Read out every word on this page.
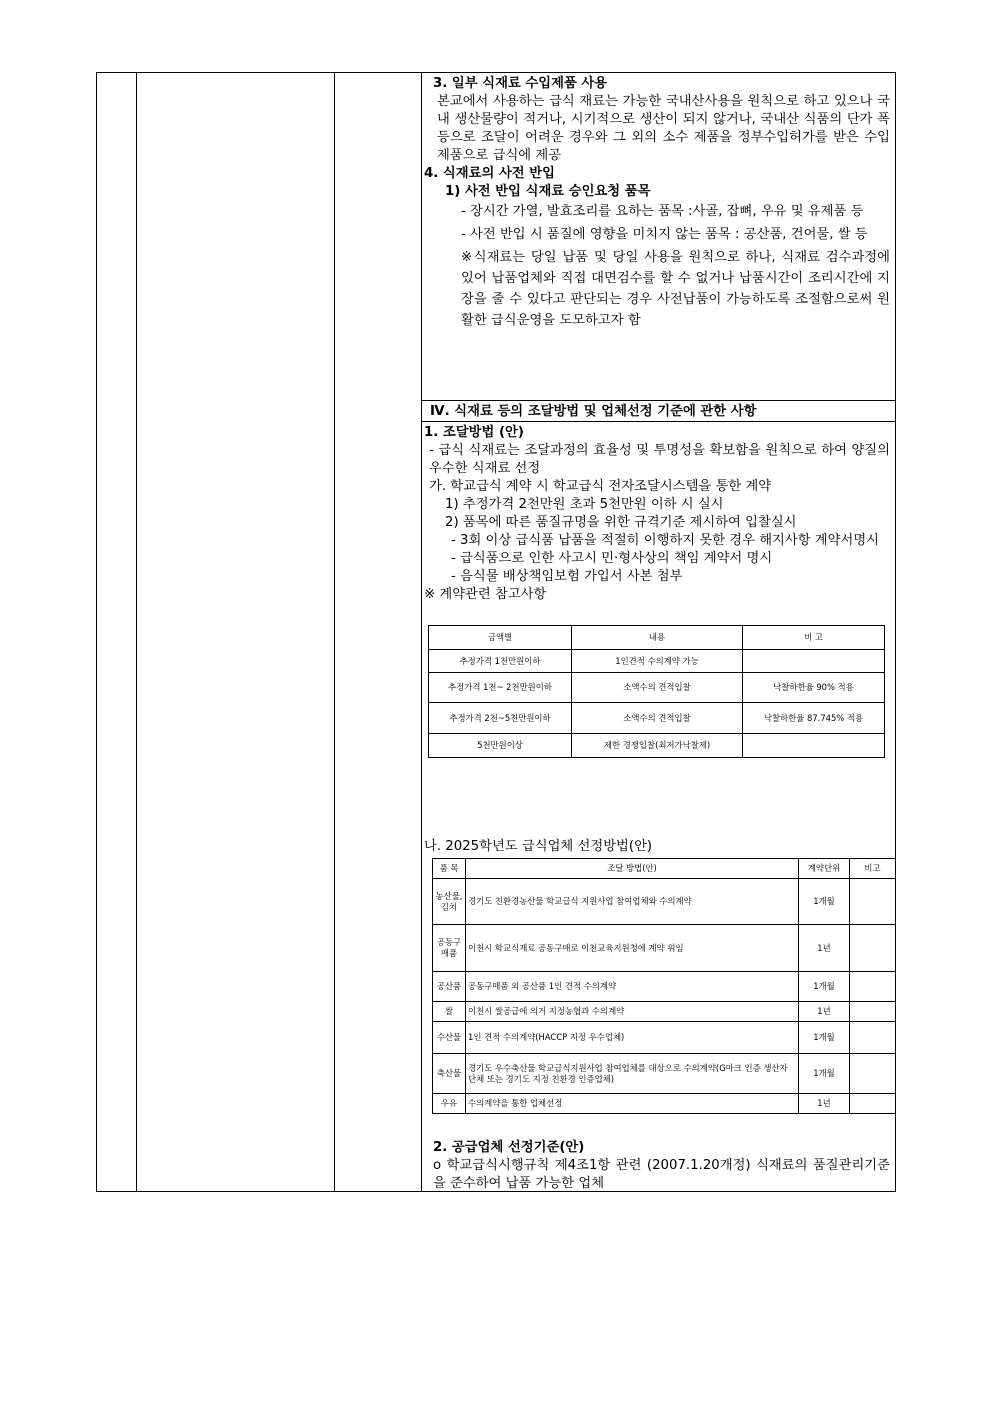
3. 일부 식재료 수입제품 사용

본교에서 사용하는 급식 재료는 가능한 국내산사용을 원칙으로 하고 있으나 국내 생산물량이 적거나, 시기적으로 생산이 되지 않거나, 국내산 식품의 단가 폭등으로 조달이 어려운 경우와 그 외의 소수 제품을 정부수입허가를 받은 수입제품으로 급식에 제공

4. 식재료의 사전 반입

1) 사전 반입 식재료 승인요청 품목

- 장시간 가열, 발효조리를 요하는 품목 :사골, 잡뼈, 우유 및 유제품 등

- 사전 반입 시 품질에 영향을 미치지 않는 품목 : 공산품, 건어물, 쌀 등

※식재료는 당일 납품 및 당일 사용을 원칙으로 하나, 식재료 검수과정에 있어 납품업체와 직접 대면검수를 할 수 없거나 납품시간이 조리시간에 지장을 줄 수 있다고 판단되는 경우 사전납품이 가능하도록 조절함으로써 원활한 급식운영을 도모하고자 함

Ⅳ. 식재료 등의 조달방법 및 업체선정 기준에 관한 사항

1. 조달방법 (안)

- 급식 식재료는 조달과정의 효율성 및 투명성을 확보함을 원칙으로 하여 양질의 우수한 식재료 선정

가. 학교급식 계약 시 학교급식 전자조달시스템을 통한 계약

1) 추정가격 2천만원 초과 5천만원 이하 시 실시

2) 품목에 따른 품질규명을 위한 규격기준 제시하여 입찰실시

- 3회 이상 급식품 납품을 적절히 이행하지 못한 경우 해지사항 계약서명시

- 급식품으로 인한 사고시 민·형사상의 책임 계약서 명시

- 음식물 배상책임보험 가입서 사본 첨부

※ 계약관련 참고사항

금액별	내용	비 고
추정가격 1천만원이하	1인견적 수의계약 가능	
추정가격 1천~ 2천만원이하	소액수의 견적입찰	낙찰하한율 90% 적용
추정가격 2천~5천만원이하	소액수의 견적입찰	낙찰하한율 87.745% 적용
5천만원이상	제한 경쟁입찰(최저가낙찰제)	

나. 2025학년도 급식업체 선정방법(안)

품 목	조달 방법(안)	계약단위	비고
농산물,김치	경기도 친환경농산물 학교급식 지원사업 참여업체와 수의계약	1개월	
공동구매품	이천시 학교식재료 공동구매로 이천교육지원청에 계약 위임	1년	
공산품	공동구매품 외 공산품 1인 견적 수의계약	1개월	
쌀	이천시 쌀공급에 의거 지정농협과 수의계약	1년	
수산물	1인 견적 수의계약(HACCP 지정 우수업체)	1개월	
축산물	경기도 우수축산물 학교급식지원사업 참여업체를 대상으로 수의계약(G마크 인증 생산자 단체 또는 경기도 지정 친환경 인증업체)	1개월	
우유	수의계약을 통한 업체선정	1년	

2. 공급업체 선정기준(안)

o 학교급식시행규칙 제4조1항 관련 (2007.1.20개정) 식재료의 품질관리기준을 준수하여 납품 가능한 업체
